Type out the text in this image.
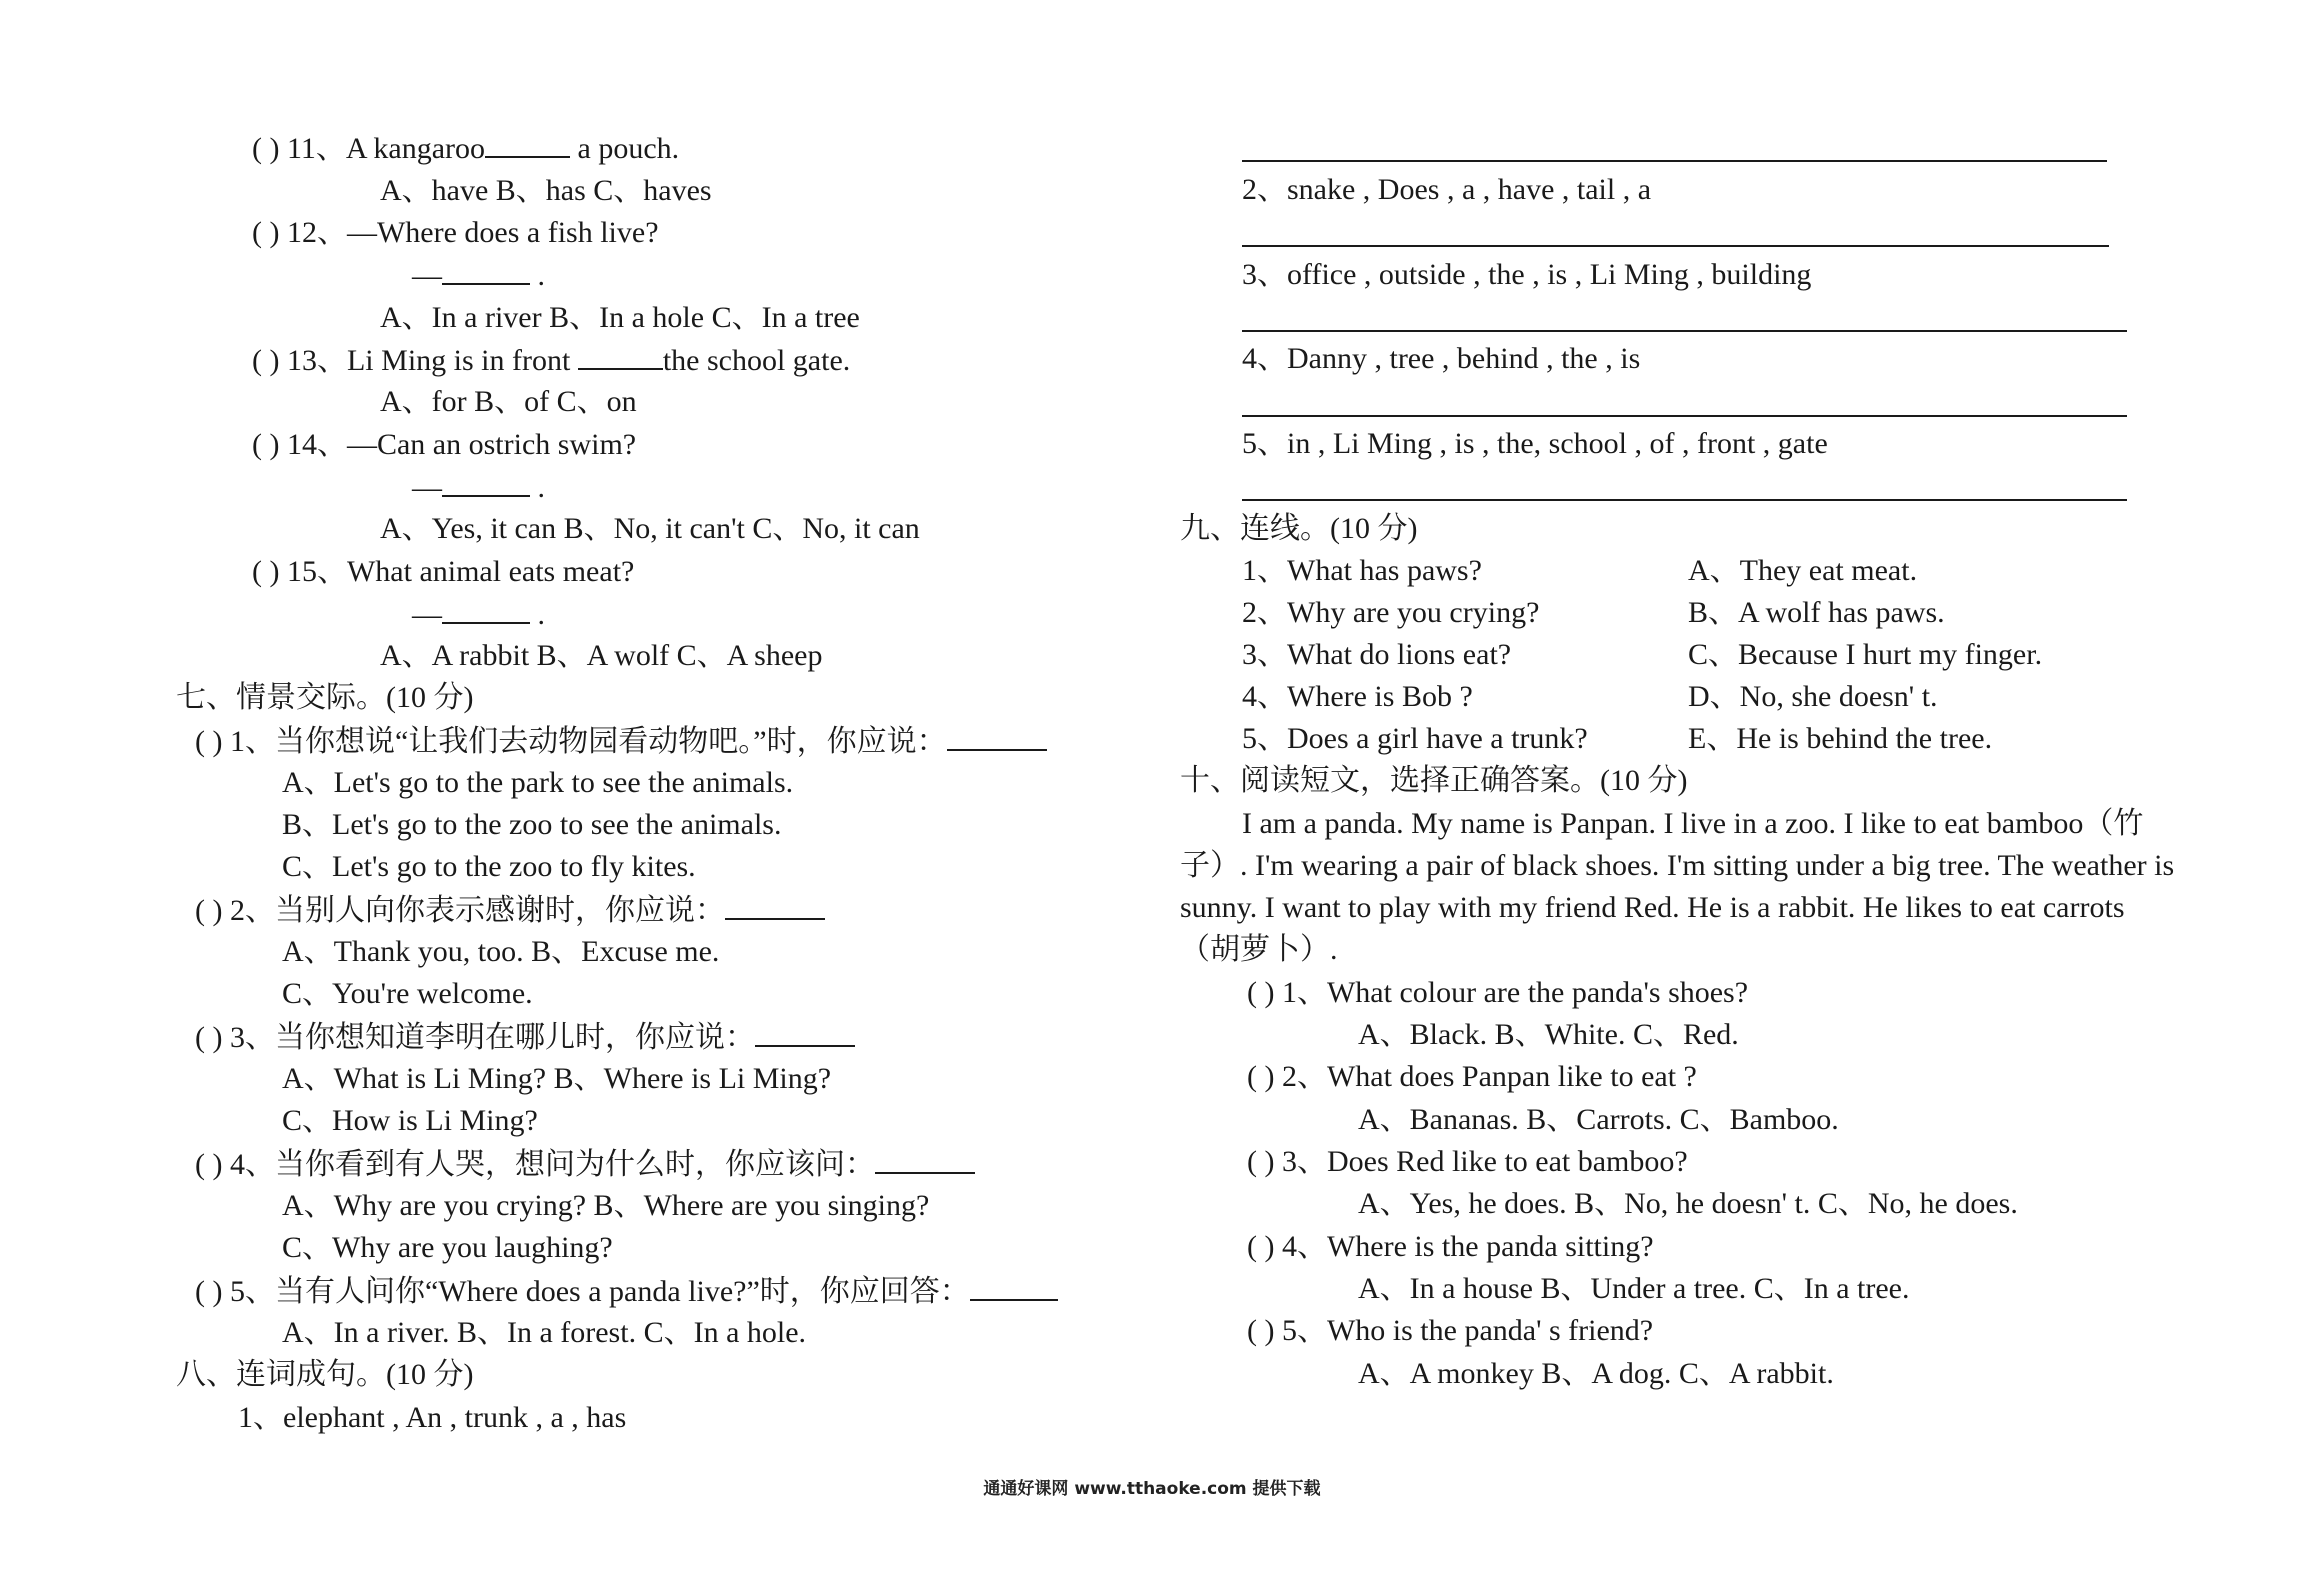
( ) 11、A kangaroo	a pouch.
A、have B、has C、haves
( ) 12、—Where does a fish live?
—	.
A、In a river B、In a hole C、In a tree
( ) 13、Li Ming is in front	the school gate.
A、for B、of C、on
( ) 14、—Can an ostrich swim?
—	.
A、Yes, it can B、No, it can't C、No, it can
( ) 15、What animal eats meat?
—	.
A、A rabbit B、A wolf C、A sheep
七、情景交际。(10 分)
( ) 1、当你想说“让我们去动物园看动物吧。”时，你应说：
A、Let's go to the park to see the animals.
B、Let's go to the zoo to see the animals.
C、Let's go to the zoo to fly kites.
( ) 2、当别人向你表示感谢时，你应说：
A、Thank you, too. B、Excuse me.
C、You're welcome.
( ) 3、当你想知道李明在哪儿时，你应说：
A、What is Li Ming? B、Where is Li Ming?
C、How is Li Ming?
( ) 4、当你看到有人哭，想问为什么时，你应该问：
A、Why are you crying? B、Where are you singing?
C、Why are you laughing?
( ) 5、当有人问你“Where does a panda live?”时，你应回答：
A、In a river. B、In a forest. C、In a hole.
八、连词成句。(10 分)
1、elephant , An , trunk , a , has
2、snake , Does , a , have , tail , a
3、office , outside , the , is , Li Ming , building
4、Danny , tree , behind , the , is
5、in , Li Ming , is , the, school , of , front , gate
九、连线。(10 分)
1、What has paws?	A、They eat meat.
2、Why are you crying?	B、A wolf has paws.
3、What do lions eat?	C、Because I hurt my finger.
4、Where is Bob ?	D、No, she doesn' t.
5、Does a girl have a trunk?	E、He is behind the tree.
十、阅读短文，选择正确答案。(10 分)
I am a panda. My name is Panpan. I live in a zoo. I like to eat bamboo（竹
子）. I'm wearing a pair of black shoes. I'm sitting under a big tree. The weather is
sunny. I want to play with my friend Red. He is a rabbit. He likes to eat carrots
（胡萝卜）.
( ) 1、What colour are the panda's shoes?
A、Black. B、White. C、Red.
( ) 2、What does Panpan like to eat ?
A、Bananas. B、Carrots. C、Bamboo.
( ) 3、Does Red like to eat bamboo?
A、Yes, he does. B、No, he doesn' t. C、No, he does.
( ) 4、Where is the panda sitting?
A、In a house B、Under a tree. C、In a tree.
( ) 5、Who is the panda' s friend?
A、A monkey B、A dog. C、A rabbit.
通通好课网 www.tthaoke.com 提供下载
